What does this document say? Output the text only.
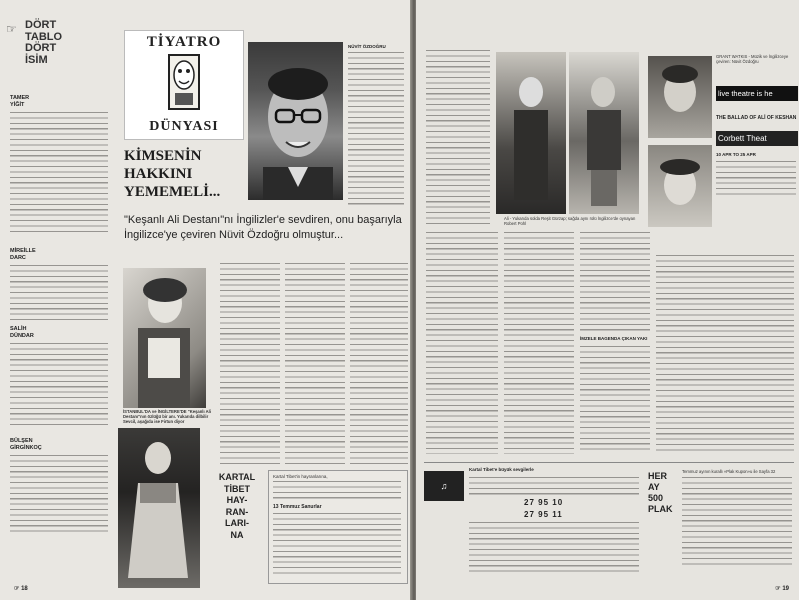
☞ DÖRT
TABLO
DÖRT
İSİM
TAMER
YİĞİT
MİREİLLE
DARC
SALİH
DÜNDAR
BÜLŞEN
GİRGİNKOÇ
TİYATRO
DÜNYASI
KİMSENİN HAKKINI YEMEMELİ...
NÜVİT ÖZDOĞRU
"Keşanlı Ali Destanı"nı İngilizler'e sevdiren, onu başarıyla İngilizce'ye çeviren Nüvit Özdoğru olmuştur...
İSTANBUL'DA ve İNGİLTERE'DE "Keşanlı Ali Destanı"nın özlüğü bir anı. Yukarıda dilbilir Sevcil, aşağıda ise Firtun diyor
KARTAL
TİBET
HAY-
RAN-
LARI-
NA
Kartal Tibet'in hayranlarına,
13 Temmuz Sanurlar
☞ 18
Ali - Yukarıda solda Reşit Gürzap; sağda aynı rolü İngilizce'de oynayan Robert Pohl
GRANT WATKIS - Müzik ve İngilizceye çeviren: Nüvit Özdoğru
live theatre is he
THE BALLAD OF ALİ OF KESHAN
Corbett Theat
10 APR TO 25 APR
İMZELE BAGENDA ÇIKAN YAKI
Kartal Tibet'e büyük sevgilerle
♫
27 95 10
27 95 11
HER
AY
500
PLAK
Temmuz ayının kurallı «Plak Kupon»u ile Sayfa 32
☞ 19
